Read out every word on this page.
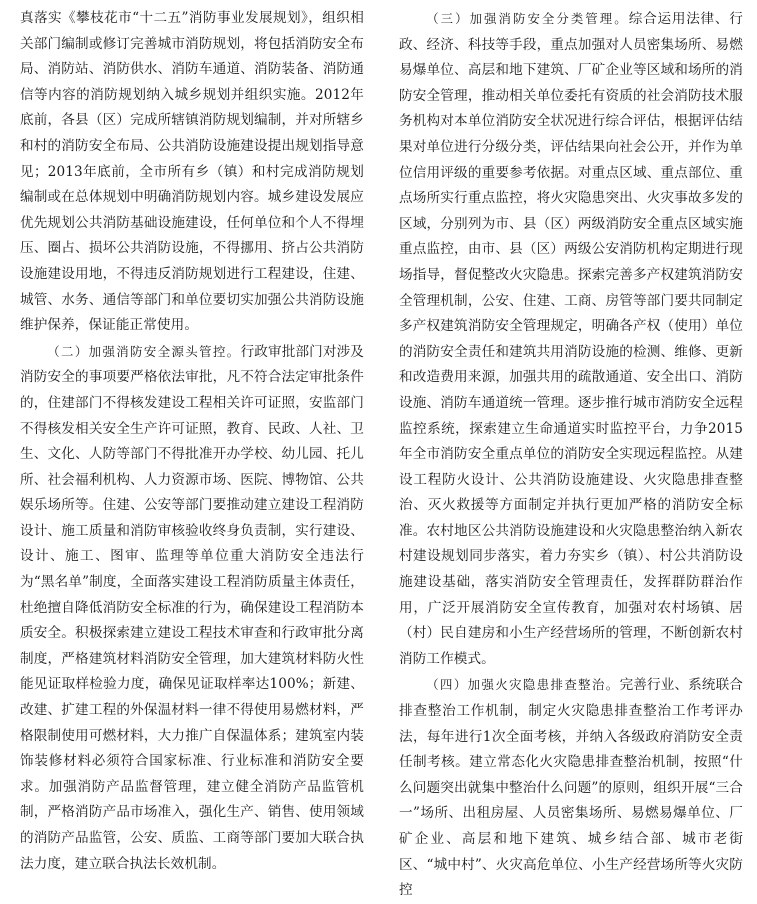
真落实《攀枝花市“十二五”消防事业发展规划》，组织相关部门编制或修订完善城市消防规划，将包括消防安全布局、消防站、消防供水、消防车通道、消防装备、消防通信等内容的消防规划纳入城乡规划并组织实施。2012年底前，各县（区）完成所辖镇消防规划编制，并对所辖乡和村的消防安全布局、公共消防设施建设提出规划指导意见；2013年底前，全市所有乡（镇）和村完成消防规划编制或在总体规划中明确消防规划内容。城乡建设发展应优先规划公共消防基础设施建设，任何单位和个人不得埋压、圈占、损坏公共消防设施，不得挪用、挤占公共消防设施建设用地，不得违反消防规划进行工程建设，住建、城管、水务、通信等部门和单位要切实加强公共消防设施维护保养，保证能正常使用。

（二）加强消防安全源头管控。行政审批部门对涉及消防安全的事项要严格依法审批，凡不符合法定审批条件的，住建部门不得核发建设工程相关许可证照，安监部门不得核发相关安全生产许可证照，教育、民政、人社、卫生、文化、人防等部门不得批准开办学校、幼儿园、托儿所、社会福利机构、人力资源市场、医院、博物馆、公共娱乐场所等。住建、公安等部门要推动建立建设工程消防设计、施工质量和消防审核验收终身负责制，实行建设、设计、施工、图审、监理等单位重大消防安全违法行为“黑名单”制度，全面落实建设工程消防质量主体责任，杜绝擅自降低消防安全标准的行为，确保建设工程消防本质安全。积极探索建立建设工程技术审查和行政审批分离制度，严格建筑材料消防安全管理，加大建筑材料防火性能见证取样检验力度，确保见证取样率达100%；新建、改建、扩建工程的外保温材料一律不得使用易燃材料，严格限制使用可燃材料，大力推广自保温体系；建筑室内装饰装修材料必须符合国家标准、行业标准和消防安全要求。加强消防产品监督管理，建立健全消防产品监管机制，严格消防产品市场准入，强化生产、销售、使用领域的消防产品监管，公安、质监、工商等部门要加大联合执法力度，建立联合执法长效机制。

（三）加强消防安全分类管理。综合运用法律、行政、经济、科技等手段，重点加强对人员密集场所、易燃易爆单位、高层和地下建筑、厂矿企业等区域和场所的消防安全管理，推动相关单位委托有资质的社会消防技术服务机构对本单位消防安全状况进行综合评估，根据评估结果对单位进行分级分类，评估结果向社会公开，并作为单位信用评级的重要参考依据。对重点区域、重点部位、重点场所实行重点监控，将火灾隐患突出、火灾事故多发的区域，分别列为市、县（区）两级消防安全重点区域实施重点监控，由市、县（区）两级公安消防机构定期进行现场指导，督促整改火灾隐患。探索完善多产权建筑消防安全管理机制，公安、住建、工商、房管等部门要共同制定多产权建筑消防安全管理规定，明确各产权（使用）单位的消防安全责任和建筑共用消防设施的检测、维修、更新和改造费用来源，加强共用的疏散通道、安全出口、消防设施、消防车通道统一管理。逐步推行城市消防安全远程监控系统，探索建立生命通道实时监控平台，力争2015年全市消防安全重点单位的消防安全实现远程监控。从建设工程防火设计、公共消防设施建设、火灾隐患排查整治、灭火救援等方面制定并执行更加严格的消防安全标准。农村地区公共消防设施建设和火灾隐患整治纳入新农村建设规划同步落实，着力夯实乡（镇）、村公共消防设施建设基础，落实消防安全管理责任，发挥群防群治作用，广泛开展消防安全宣传教育，加强对农村场镇、居（村）民自建房和小生产经营场所的管理，不断创新农村消防工作模式。

（四）加强火灾隐患排查整治。完善行业、系统联合排查整治工作机制，制定火灾隐患排查整治工作考评办法，每年进行1次全面考核，并纳入各级政府消防安全责任制考核。建立常态化火灾隐患排查整治机制，按照“什么问题突出就集中整治什么问题”的原则，组织开展“三合一”场所、出租房屋、人员密集场所、易燃易爆单位、厂矿企业、高层和地下建筑、城乡结合部、城市老街区、“城中村”、火灾高危单位、小生产经营场所等火灾防控
